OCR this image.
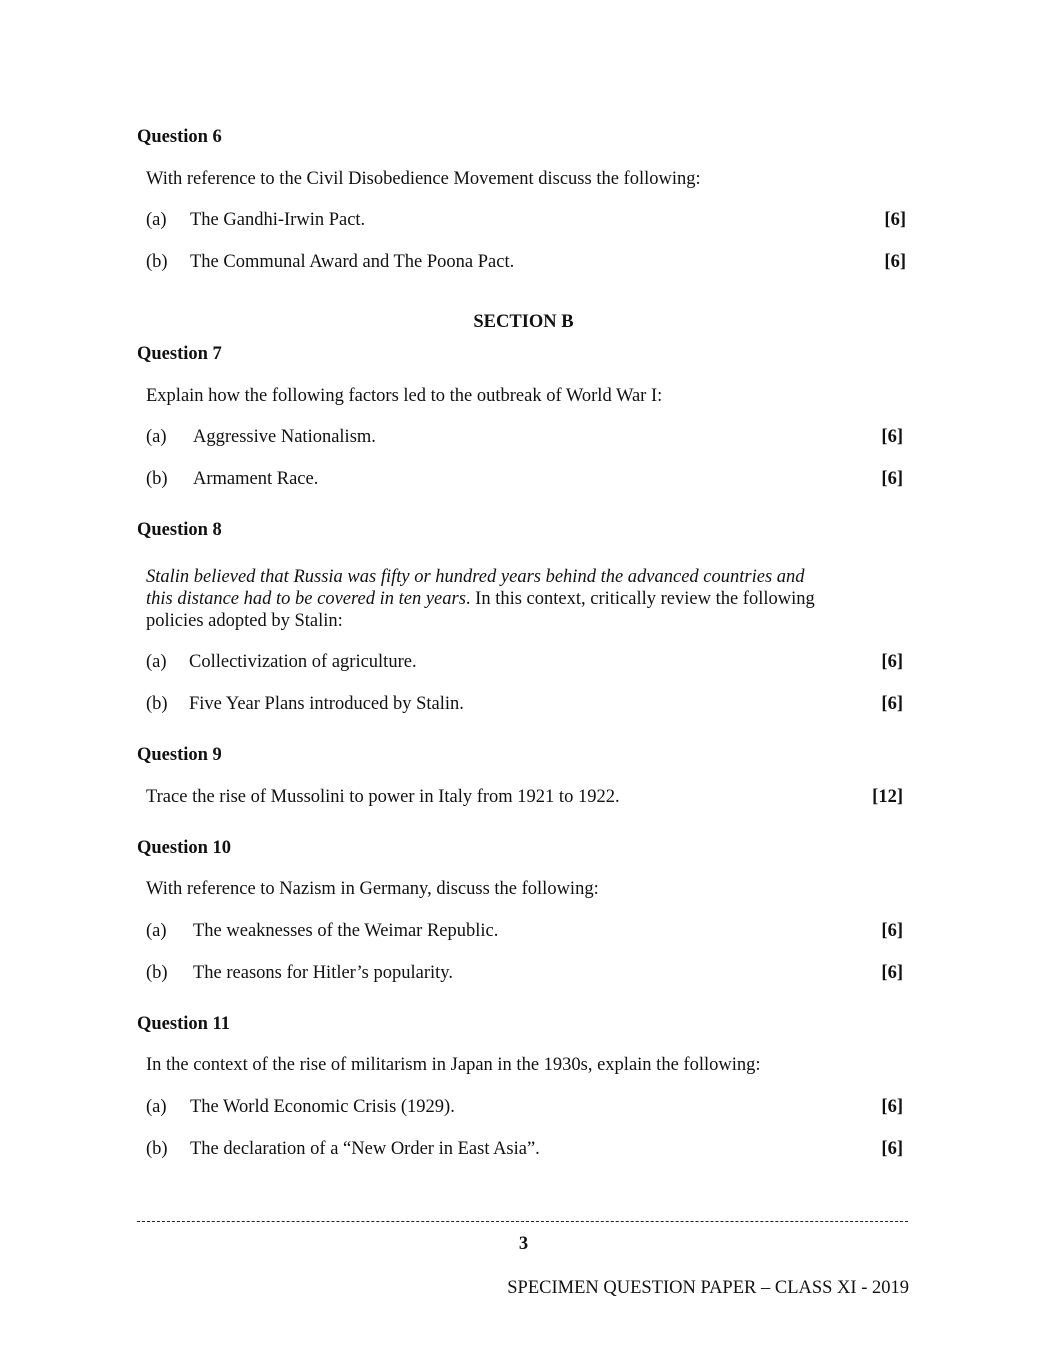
Question 6
With reference to the Civil Disobedience Movement discuss the following:
(a) The Gandhi-Irwin Pact.	[6]
(b) The Communal Award and The Poona Pact.	[6]
SECTION B
Question 7
Explain how the following factors led to the outbreak of World War I:
(a) Aggressive Nationalism.	[6]
(b) Armament Race.	[6]
Question 8
Stalin believed that Russia was fifty or hundred years behind the advanced countries and
this distance had to be covered in ten years. In this context, critically review the following
policies adopted by Stalin:
(a) Collectivization of agriculture.	[6]
(b) Five Year Plans introduced by Stalin.	[6]
Question 9
Trace the rise of Mussolini to power in Italy from 1921 to 1922.	[12]
Question 10
With reference to Nazism in Germany, discuss the following:
(a) The weaknesses of the Weimar Republic.	[6]
(b) The reasons for Hitler’s popularity.	[6]
Question 11
In the context of the rise of militarism in Japan in the 1930s, explain the following:
(a) The World Economic Crisis (1929).	[6]
(b) The declaration of a “New Order in East Asia”.	[6]
3
SPECIMEN QUESTION PAPER – CLASS XI - 2019
